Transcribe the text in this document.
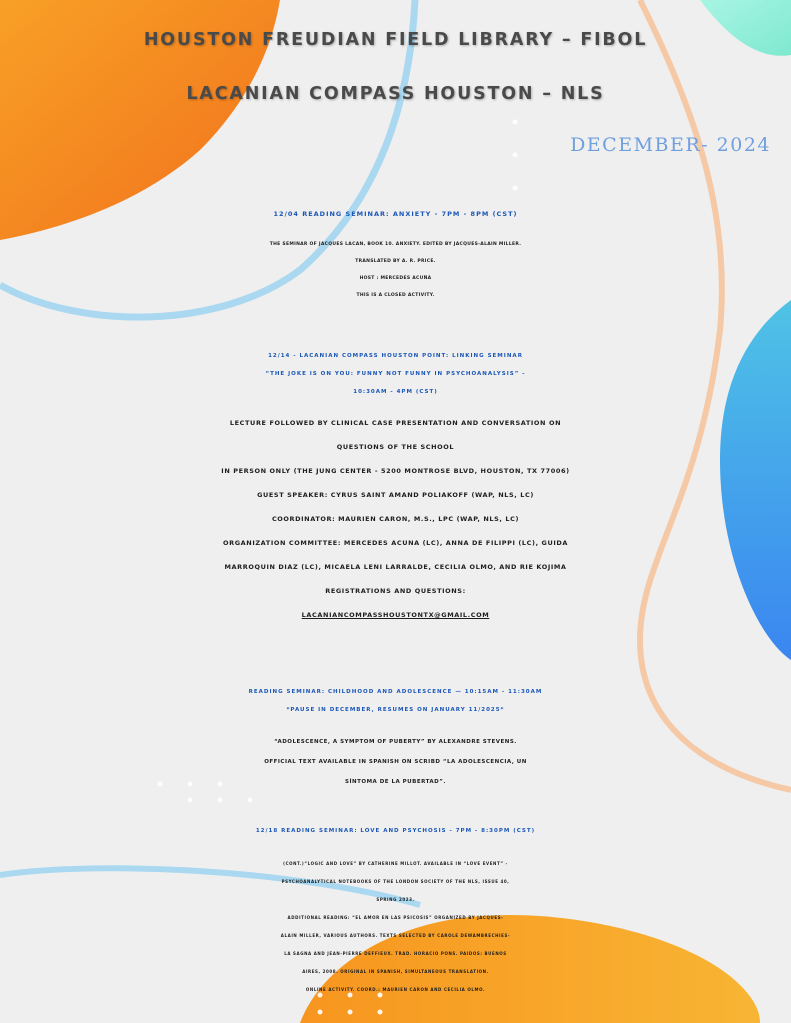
HOUSTON FREUDIAN FIELD LIBRARY – FIBOL
LACANIAN COMPASS HOUSTON – NLS
DECEMBER- 2024
12/04 READING SEMINAR: ANXIETY - 7PM - 8PM (CST)
THE SEMINAR OF JACQUES LACAN, BOOK 10. ANXIETY. EDITED BY JACQUES-ALAIN MILLER.
TRANSLATED BY A. R. PRICE.
HOST : MERCEDES ACUÑA
THIS IS A CLOSED ACTIVITY.
12/14 - LACANIAN COMPASS HOUSTON POINT: LINKING SEMINAR
“THE JOKE IS ON YOU: FUNNY NOT FUNNY IN PSYCHOANALYSIS” -
10:30AM - 4PM (CST)
LECTURE FOLLOWED BY CLINICAL CASE PRESENTATION AND CONVERSATION ON
QUESTIONS OF THE SCHOOL
IN PERSON ONLY (THE JUNG CENTER - 5200 MONTROSE BLVD, HOUSTON, TX 77006)
GUEST SPEAKER: CYRUS SAINT AMAND POLIAKOFF (WAP, NLS, LC)
COORDINATOR: MAURIEN CARON, M.S., LPC (WAP, NLS, LC)
ORGANIZATION COMMITTEE: MERCEDES ACUNA (LC), ANNA DE FILIPPI (LC), GUIDA
MARROQUIN DIAZ (LC), MICAELA LENI LARRALDE, CECILIA OLMO, AND RIE KOJIMA
REGISTRATIONS AND QUESTIONS:
LACANIANCOMPASSHOUSTONTX@GMAIL.COM
READING SEMINAR: CHILDHOOD AND ADOLESCENCE — 10:15AM - 11:30AM
*PAUSE IN DECEMBER, RESUMES ON JANUARY 11/2025*
“ADOLESCENCE, A SYMPTOM OF PUBERTY” BY ALEXANDRE STEVENS.
OFFICIAL TEXT AVAILABLE IN SPANISH ON SCRIBD “LA ADOLESCENCIA, UN
SÍNTOMA DE LA PUBERTAD”.
12/18 READING SEMINAR: LOVE AND PSYCHOSIS - 7PM - 8:30PM (CST)
(CONT.)“LOGIC AND LOVE” BY CATHERINE MILLOT. AVAILABLE IN “LOVE EVENT” -
PSYCHOANALYTICAL NOTEBOOKS OF THE LONDON SOCIETY OF THE NLS, ISSUE 40,
SPRING 2023.
ADDITIONAL READING: “EL AMOR EN LAS PSICOSIS” ORGANIZED BY JACQUES-
ALAIN MILLER, VARIOUS AUTHORS. TEXTS SELECTED BY CAROLE DEWAMBRECHIES-
LA SAGNA AND JEAN-PIERRE DEFFIEUX. TRAD. HORACIO PONS. PAIDOS: BUENOS
AIRES, 2008. ORIGINAL IN SPANISH, SIMULTANEOUS TRANSLATION.
ONLINE ACTIVITY. COORD.: MAURIEN CARON AND CECILIA OLMO.
